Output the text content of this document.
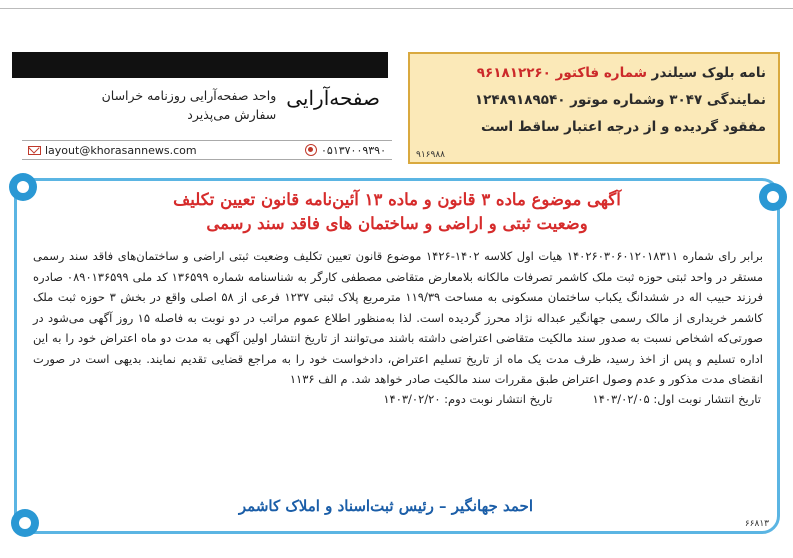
صفحه‌آرایی
واحد صفحه‌آرایی روزنامه خراسان
سفارش می‌پذیرد
layout@khorasannews.com	۰۵۱۳۷۰۰۹۳۹۰

نامه بلوک سیلندر شماره فاکتور ۹۶۱۸۱۲۲۶۰

نمایندگی ۳۰۴۷ وشماره موتور ۱۲۴۸۹۱۸۹۵۴۰

مفقود گردیده و از درجه اعتبار ساقط است

۹۱۶۹۸۸
آگهی موضوع ماده ۳ قانون و ماده ۱۳ آئین‌نامه قانون تعیین تکلیف
وضعیت ثبتی و اراضی و ساختمان های فاقد سند رسمی

برابر رای شماره ۱۴۰۲۶۰۳۰۶۰۱۲۰۱۸۳۱۱ هیات اول کلاسه ۱۴۰۲-۱۴۲۶ موضوع قانون تعیین تکلیف وضعیت ثبتی اراضی و ساختمان‌های فاقد سند رسمی مستقر در واحد ثبتی حوزه ثبت ملک کاشمر تصرفات مالکانه بلامعارض متقاضی مصطفی کارگر به شناسنامه شماره ۱۳۶۵۹۹ کد ملی ۰۸۹۰۱۳۶۵۹۹ صادره فرزند حبیب اله در ششدانگ یکباب ساختمان مسکونی به مساحت ۱۱۹/۳۹ مترمربع پلاک ثبتی ۱۲۳۷ فرعی از ۵۸ اصلی واقع در بخش ۳ حوزه ثبت ملک کاشمر خریداری از مالک رسمی جهانگیر عبداله نژاد محرز گردیده است. لذا به‌منظور اطلاع عموم مراتب در دو نوبت به فاصله ۱۵ روز آگهی می‌شود در صورتی‌که اشخاص نسبت به صدور سند مالکیت متقاضی اعتراضی داشته باشند می‌توانند از تاریخ انتشار اولین آگهی به مدت دو ماه اعتراض خود را به این اداره تسلیم و پس از اخذ رسید، ظرف مدت یک ماه از تاریخ تسلیم اعتراض، دادخواست خود را به مراجع قضایی تقدیم نمایند. بدیهی است در صورت انقضای مدت مذکور و عدم وصول اعتراض طبق مقررات سند مالکیت صادر خواهد شد. م الف ۱۱۳۶

تاریخ انتشار نوبت اول: ۱۴۰۳/۰۲/۰۵
تاریخ انتشار نوبت دوم: ۱۴۰۳/۰۲/۲۰
احمد جهانگیر – رئیس ثبت‌اسناد و املاک کاشمر
۶۶۸۱۳
